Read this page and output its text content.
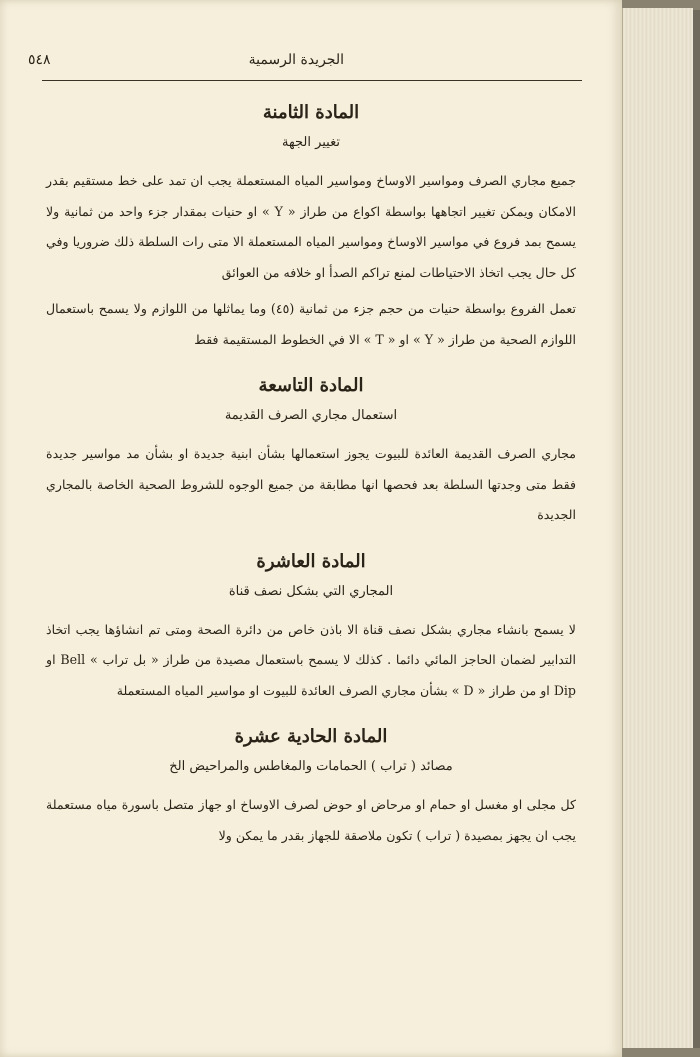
الجريدة الرسمية
٥٤٨
المادة الثامنة

تغيير الجهة

جميع مجاري الصرف ومواسير الاوساخ ومواسير المياه المستعملة يجب ان تمد على خط مستقيم بقدر الامكان ويمكن تغيير اتجاهها بواسطة اكواع من طراز « Y » او حنيات بمقدار جزء واحد من ثمانية ولا يسمح بمد فروع في مواسير الاوساخ ومواسير المياه المستعملة الا متى رات السلطة ذلك ضروريا وفي كل حال يجب اتخاذ الاحتياطات لمنع تراكم الصدأ او خلافه من العوائق

تعمل الفروع بواسطة حنيات من حجم جزء من ثمانية (٤٥) وما يماثلها من اللوازم ولا يسمح باستعمال اللوازم الصحية من طراز « Y » او « T » الا في الخطوط المستقيمة فقط

المادة التاسعة

استعمال مجاري الصرف القديمة

مجاري الصرف القديمة العائدة للبيوت يجوز استعمالها بشأن ابنية جديدة او بشأن مد مواسير جديدة فقط متى وجدتها السلطة بعد فحصها انها مطابقة من جميع الوجوه للشروط الصحية الخاصة بالمجاري الجديدة

المادة العاشرة

المجاري التي بشكل نصف قناة

لا يسمح بانشاء مجاري بشكل نصف قناة الا باذن خاص من دائرة الصحة ومتى تم انشاؤها يجب اتخاذ التدابير لضمان الحاجز المائي دائما . كذلك لا يسمح باستعمال مصيدة من طراز « بل تراب » Bell او Dip او من طراز « D » بشأن مجاري الصرف العائدة للبيوت او مواسير المياه المستعملة

المادة الحادية عشرة

مصائد ( تراب ) الحمامات والمغاطس والمراحيض الخ

كل مجلى او مغسل او حمام او مرحاض او حوض لصرف الاوساخ او جهاز متصل باسورة مياه مستعملة يجب ان يجهز بمصيدة ( تراب ) تكون ملاصقة للجهاز بقدر ما يمكن ولا
